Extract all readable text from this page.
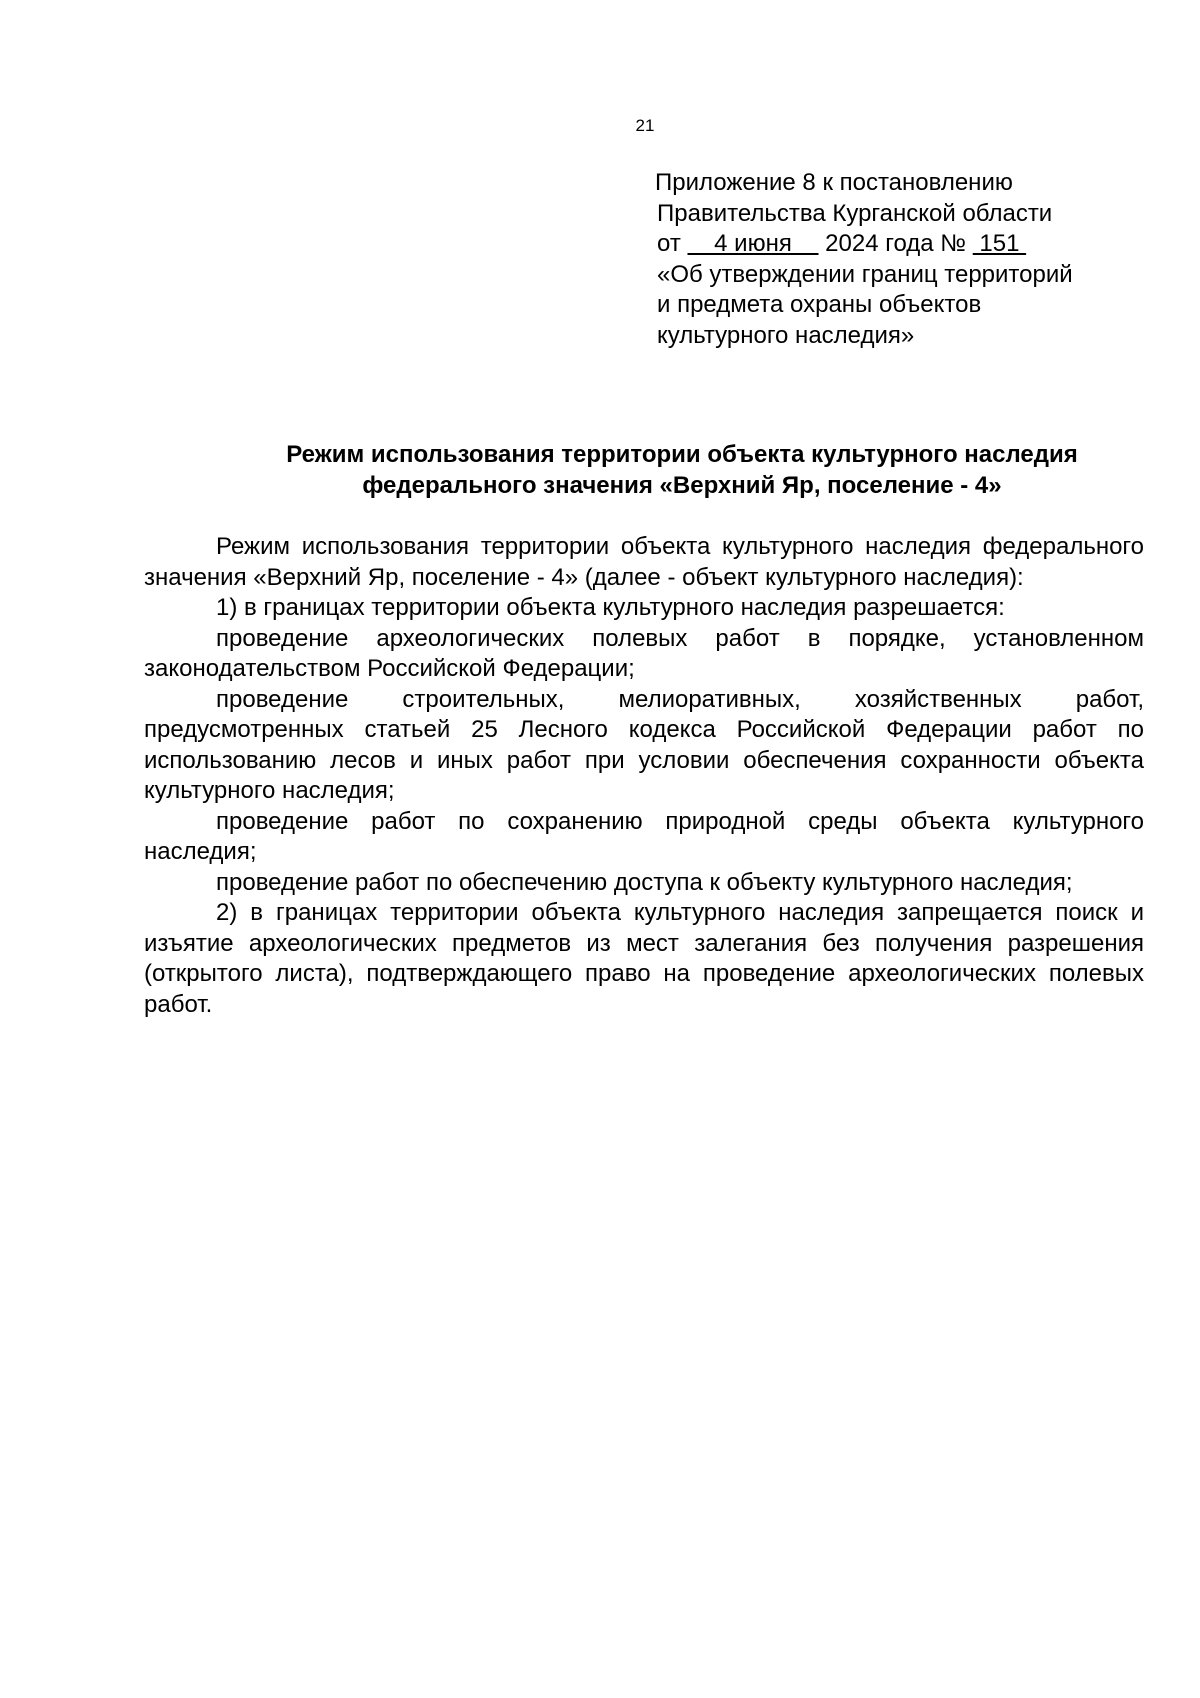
21
Приложение 8 к постановлению
Правительства Курганской области
от     4 июня     2024 года №  151
«Об утверждении границ территорий
и предмета охраны объектов
культурного наследия»
Режим использования территории объекта культурного наследия
федерального значения «Верхний Яр, поселение - 4»

Режим использования территории объекта культурного наследия федерального значения «Верхний Яр, поселение - 4» (далее - объект культурного наследия):

1) в границах территории объекта культурного наследия разрешается:

проведение археологических полевых работ в порядке, установленном законодательством Российской Федерации;

проведение строительных, мелиоративных, хозяйственных работ, предусмотренных статьей 25 Лесного кодекса Российской Федерации работ по использованию лесов и иных работ при условии обеспечения сохранности объекта культурного наследия;

проведение работ по сохранению природной среды объекта культурного наследия;

проведение работ по обеспечению доступа к объекту культурного наследия;

2) в границах территории объекта культурного наследия запрещается поиск и изъятие археологических предметов из мест залегания без получения разрешения (открытого листа), подтверждающего право на проведение археологических полевых работ.
